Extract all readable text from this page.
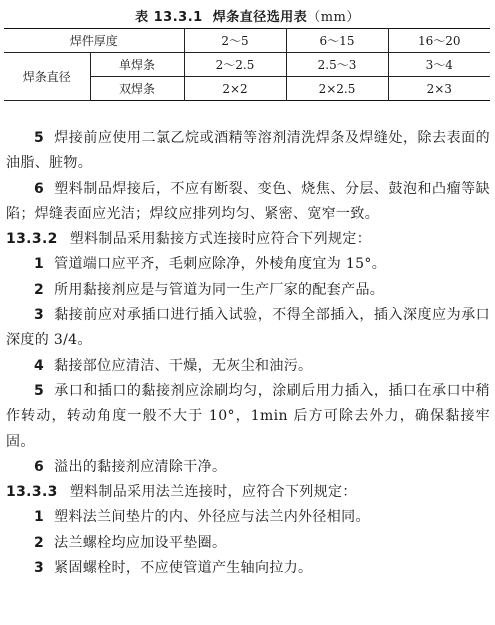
表 13.3.1 焊条直径选用表（mm）
焊件厚度		2～5	6～15	16～20
焊条直径	单焊条	2～2.5	2.5～3	3～4
	双焊条	2×2	2×2.5	2×3

5 焊接前应使用二氯乙烷或酒精等溶剂清洗焊条及焊缝处，除去表面的油脂、脏物。

6 塑料制品焊接后，不应有断裂、变色、烧焦、分层、鼓泡和凸瘤等缺陷；焊缝表面应光洁；焊纹应排列均匀、紧密、宽窄一致。

13.3.2 塑料制品采用黏接方式连接时应符合下列规定：

1 管道端口应平齐，毛刺应除净，外棱角度宜为 15°。

2 所用黏接剂应是与管道为同一生产厂家的配套产品。

3 黏接前应对承插口进行插入试验，不得全部插入，插入深度应为承口深度的 3/4。

4 黏接部位应清洁、干燥，无灰尘和油污。

5 承口和插口的黏接剂应涂刷均匀，涂刷后用力插入，插口在承口中稍作转动，转动角度一般不大于 10°，1min 后方可除去外力，确保黏接牢固。

6 溢出的黏接剂应清除干净。

13.3.3 塑料制品采用法兰连接时，应符合下列规定：

1 塑料法兰间垫片的内、外径应与法兰内外径相同。

2 法兰螺栓均应加设平垫圈。

3 紧固螺栓时，不应使管道产生轴向拉力。
